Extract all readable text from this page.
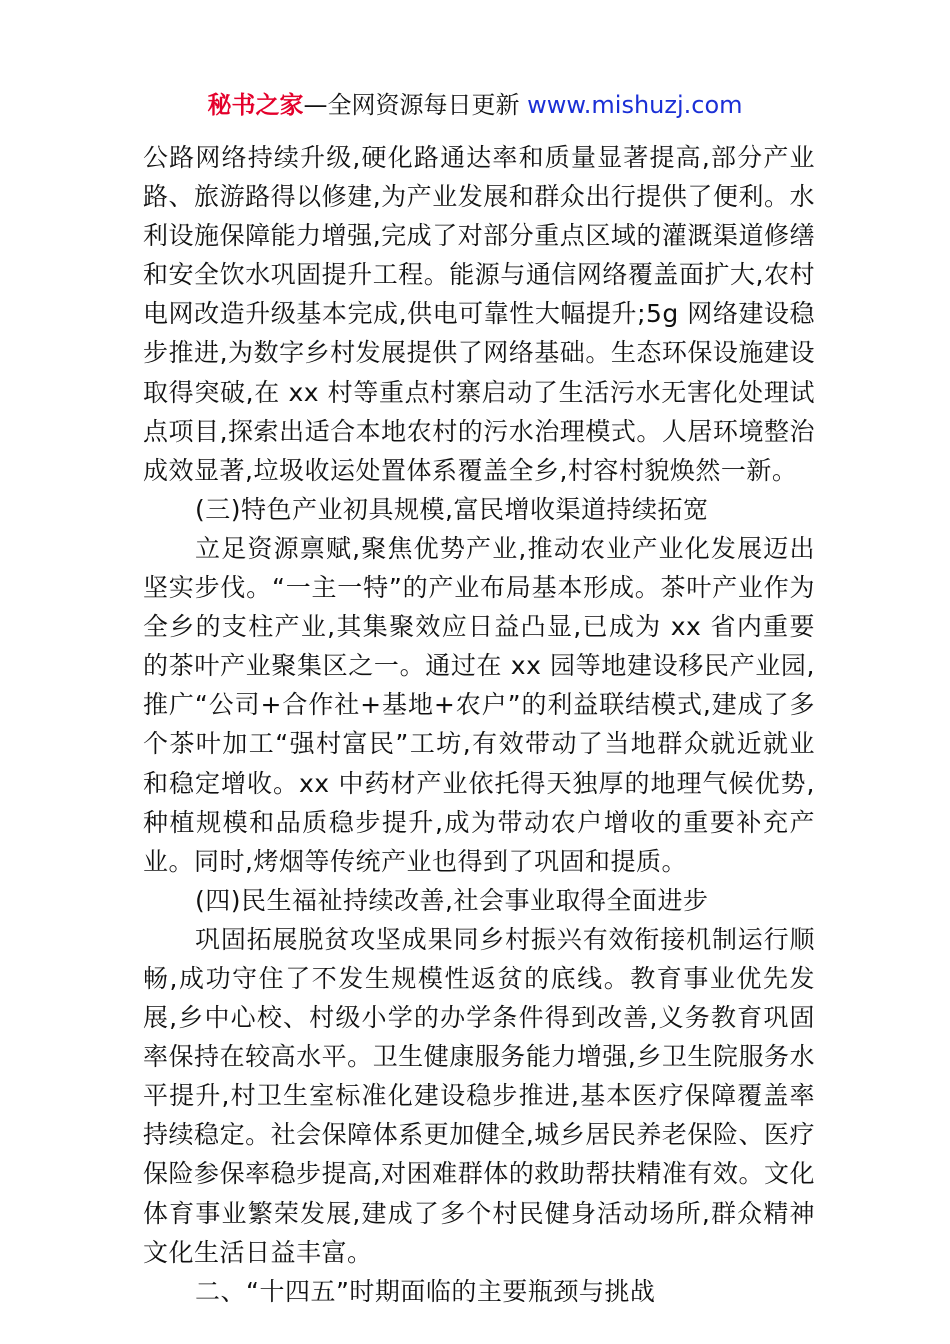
秘书之家—全网资源每日更新 www.mishuzj.com

公路网络持续升级,硬化路通达率和质量显著提高,部分产业路、旅游路得以修建,为产业发展和群众出行提供了便利。水利设施保障能力增强,完成了对部分重点区域的灌溉渠道修缮和安全饮水巩固提升工程。能源与通信网络覆盖面扩大,农村电网改造升级基本完成,供电可靠性大幅提升;5g 网络建设稳步推进,为数字乡村发展提供了网络基础。生态环保设施建设取得突破,在 xx 村等重点村寨启动了生活污水无害化处理试点项目,探索出适合本地农村的污水治理模式。人居环境整治成效显著,垃圾收运处置体系覆盖全乡,村容村貌焕然一新。

(三)特色产业初具规模,富民增收渠道持续拓宽

立足资源禀赋,聚焦优势产业,推动农业产业化发展迈出坚实步伐。“一主一特”的产业布局基本形成。茶叶产业作为全乡的支柱产业,其集聚效应日益凸显,已成为 xx 省内重要的茶叶产业聚集区之一。通过在 xx 园等地建设移民产业园,推广“公司+合作社+基地+农户”的利益联结模式,建成了多个茶叶加工“强村富民”工坊,有效带动了当地群众就近就业和稳定增收。xx 中药材产业依托得天独厚的地理气候优势,种植规模和品质稳步提升,成为带动农户增收的重要补充产业。同时,烤烟等传统产业也得到了巩固和提质。

(四)民生福祉持续改善,社会事业取得全面进步

巩固拓展脱贫攻坚成果同乡村振兴有效衔接机制运行顺畅,成功守住了不发生规模性返贫的底线。教育事业优先发展,乡中心校、村级小学的办学条件得到改善,义务教育巩固率保持在较高水平。卫生健康服务能力增强,乡卫生院服务水平提升,村卫生室标准化建设稳步推进,基本医疗保障覆盖率持续稳定。社会保障体系更加健全,城乡居民养老保险、医疗保险参保率稳步提高,对困难群体的救助帮扶精准有效。文化体育事业繁荣发展,建成了多个村民健身活动场所,群众精神文化生活日益丰富。

二、“十四五”时期面临的主要瓶颈与挑战
